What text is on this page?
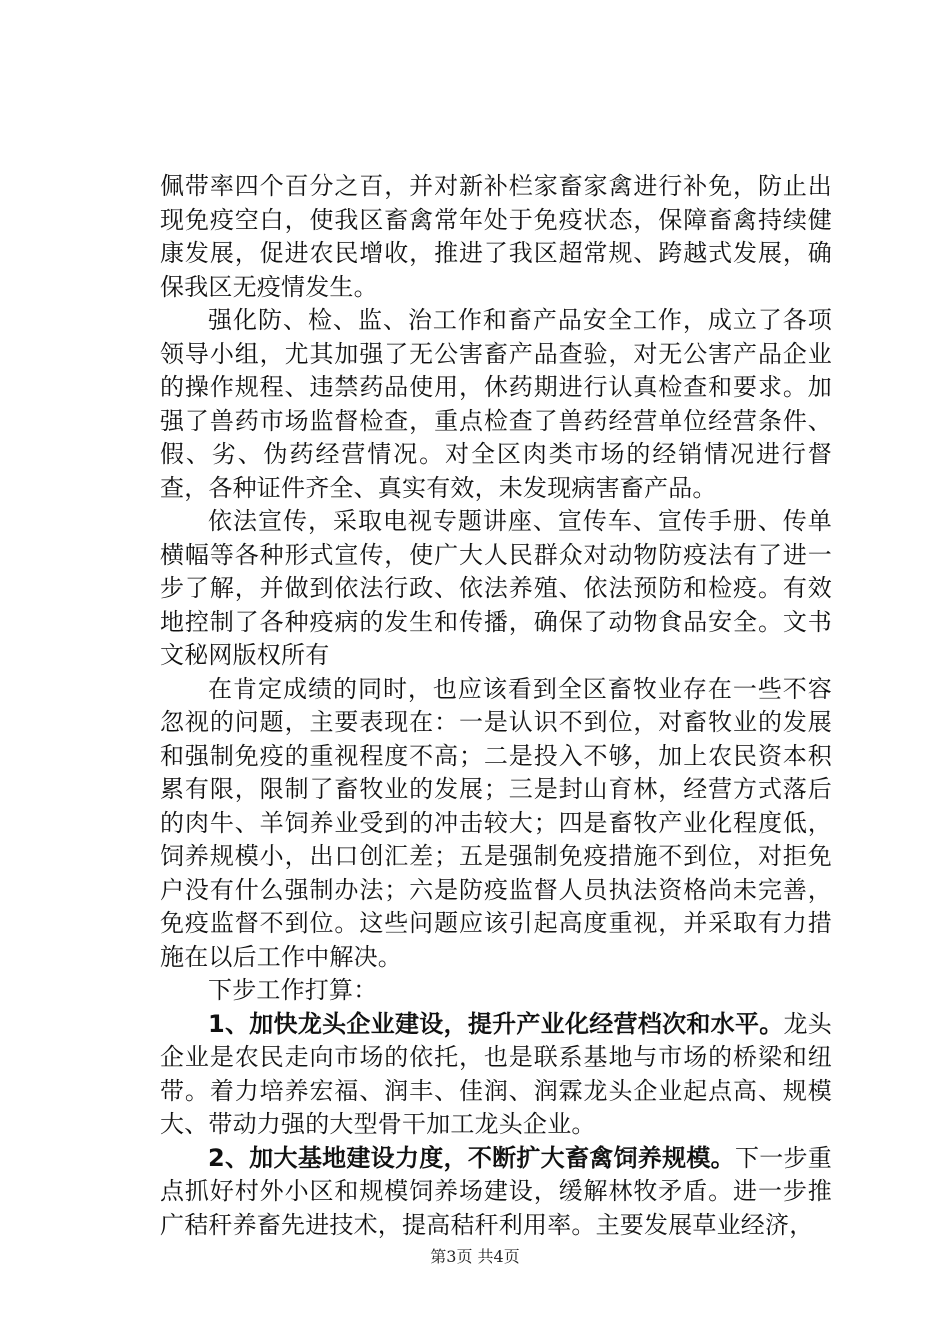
佩带率四个百分之百，并对新补栏家畜家禽进行补免，防止出现免疫空白，使我区畜禽常年处于免疫状态，保障畜禽持续健康发展，促进农民增收，推进了我区超常规、跨越式发展，确保我区无疫情发生。

强化防、检、监、治工作和畜产品安全工作，成立了各项领导小组，尤其加强了无公害畜产品查验，对无公害产品企业的操作规程、违禁药品使用，休药期进行认真检查和要求。加强了兽药市场监督检查，重点检查了兽药经营单位经营条件、假、劣、伪药经营情况。对全区肉类市场的经销情况进行督查，各种证件齐全、真实有效，未发现病害畜产品。

依法宣传，采取电视专题讲座、宣传车、宣传手册、传单横幅等各种形式宣传，使广大人民群众对动物防疫法有了进一步了解，并做到依法行政、依法养殖、依法预防和检疫。有效地控制了各种疫病的发生和传播，确保了动物食品安全。文书文秘网版权所有

在肯定成绩的同时，也应该看到全区畜牧业存在一些不容忽视的问题，主要表现在：一是认识不到位，对畜牧业的发展和强制免疫的重视程度不高；二是投入不够，加上农民资本积累有限，限制了畜牧业的发展；三是封山育林，经营方式落后的肉牛、羊饲养业受到的冲击较大；四是畜牧产业化程度低，饲养规模小，出口创汇差；五是强制免疫措施不到位，对拒免户没有什么强制办法；六是防疫监督人员执法资格尚未完善，免疫监督不到位。这些问题应该引起高度重视，并采取有力措施在以后工作中解决。

下步工作打算：

1、加快龙头企业建设，提升产业化经营档次和水平。龙头企业是农民走向市场的依托，也是联系基地与市场的桥梁和纽带。着力培养宏福、润丰、佳润、润霖龙头企业起点高、规模大、带动力强的大型骨干加工龙头企业。

2、加大基地建设力度，不断扩大畜禽饲养规模。下一步重点抓好村外小区和规模饲养场建设，缓解林牧矛盾。进一步推广秸秆养畜先进技术，提高秸秆利用率。主要发展草业经济，

第3页 共4页
